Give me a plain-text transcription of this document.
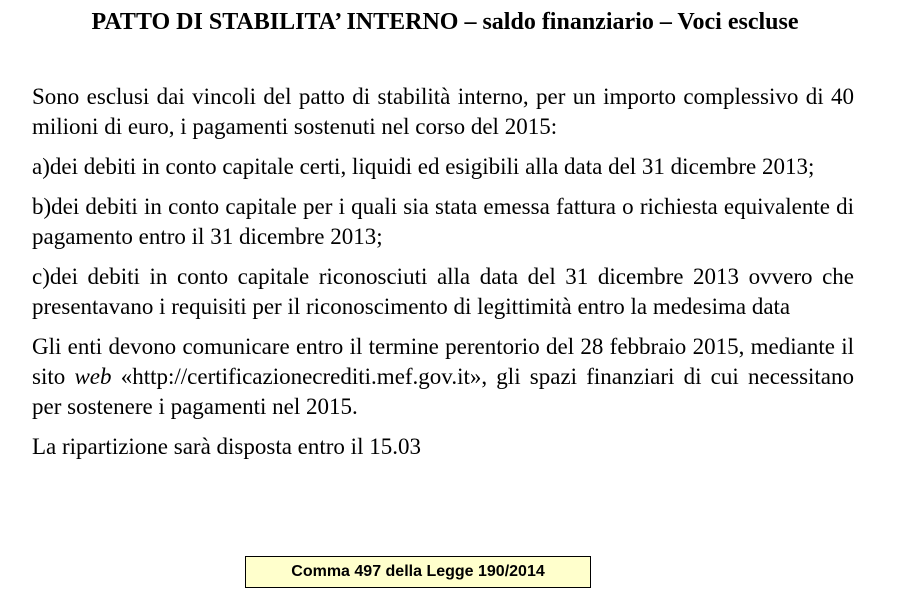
PATTO DI STABILITA’ INTERNO – saldo finanziario – Voci escluse

Sono esclusi dai vincoli del patto di stabilità interno, per un importo complessivo di 40 milioni di euro, i pagamenti sostenuti nel corso del 2015:

a)dei debiti in conto capitale certi, liquidi ed esigibili alla data del 31 dicembre 2013;

b)dei debiti in conto capitale per i quali sia stata emessa fattura o richiesta equivalente di pagamento entro il 31 dicembre 2013;

c)dei debiti in conto capitale riconosciuti alla data del 31 dicembre 2013 ovvero che presentavano i requisiti per il riconoscimento di legittimità entro la medesima data

Gli enti devono comunicare entro il termine perentorio del 28 febbraio 2015, mediante il sito web «http://certificazionecrediti.mef.gov.it», gli spazi finanziari di cui necessitano per sostenere i pagamenti nel 2015.

La ripartizione sarà disposta entro il 15.03

Comma 497 della Legge 190/2014
